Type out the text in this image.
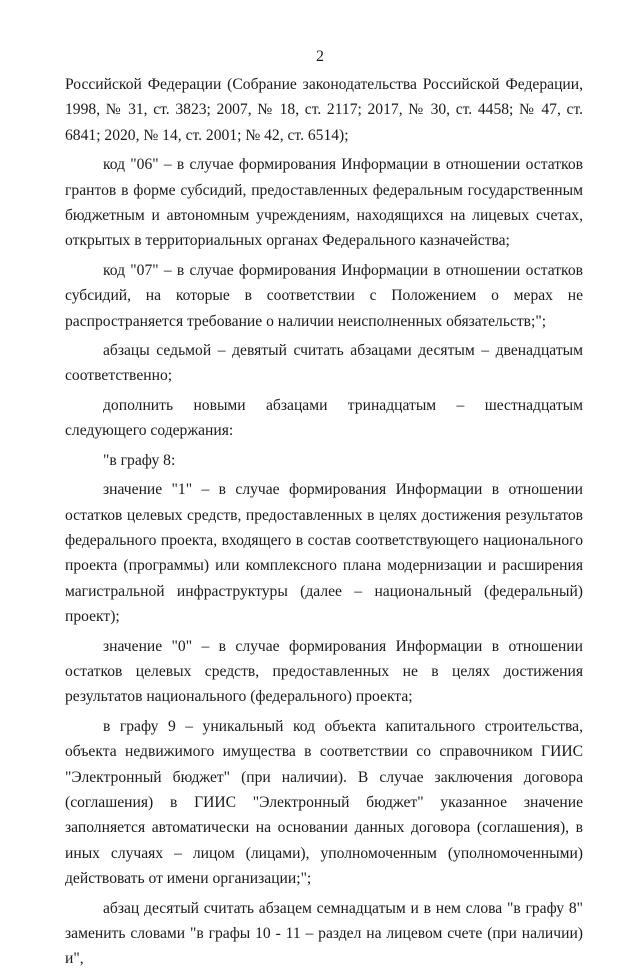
2

Российской Федерации (Собрание законодательства Российской Федерации, 1998, № 31, ст. 3823; 2007, № 18, ст. 2117; 2017, № 30, ст. 4458; № 47, ст. 6841; 2020, № 14, ст. 2001; № 42, ст. 6514);

код "06" – в случае формирования Информации в отношении остатков грантов в форме субсидий, предоставленных федеральным государственным бюджетным и автономным учреждениям, находящихся на лицевых счетах, открытых в территориальных органах Федерального казначейства;

код "07" – в случае формирования Информации в отношении остатков субсидий, на которые в соответствии с Положением о мерах не распространяется требование о наличии неисполненных обязательств;";

абзацы седьмой – девятый считать абзацами десятым – двенадцатым соответственно;

дополнить новыми абзацами тринадцатым – шестнадцатым следующего содержания:

"в графу 8:

значение "1" – в случае формирования Информации в отношении остатков целевых средств, предоставленных в целях достижения результатов федерального проекта, входящего в состав соответствующего национального проекта (программы) или комплексного плана модернизации и расширения магистральной инфраструктуры (далее – национальный (федеральный) проект);

значение "0" – в случае формирования Информации в отношении остатков целевых средств, предоставленных не в целях достижения результатов национального (федерального) проекта;

в графу 9 – уникальный код объекта капитального строительства, объекта недвижимого имущества в соответствии со справочником ГИИС "Электронный бюджет" (при наличии). В случае заключения договора (соглашения) в ГИИС "Электронный бюджет" указанное значение заполняется автоматически на основании данных договора (соглашения), в иных случаях – лицом (лицами), уполномоченным (уполномоченными) действовать от имени организации;";

абзац десятый считать абзацем семнадцатым и в нем слова "в графу 8" заменить словами "в графы 10 - 11 – раздел на лицевом счете (при наличии) и",
